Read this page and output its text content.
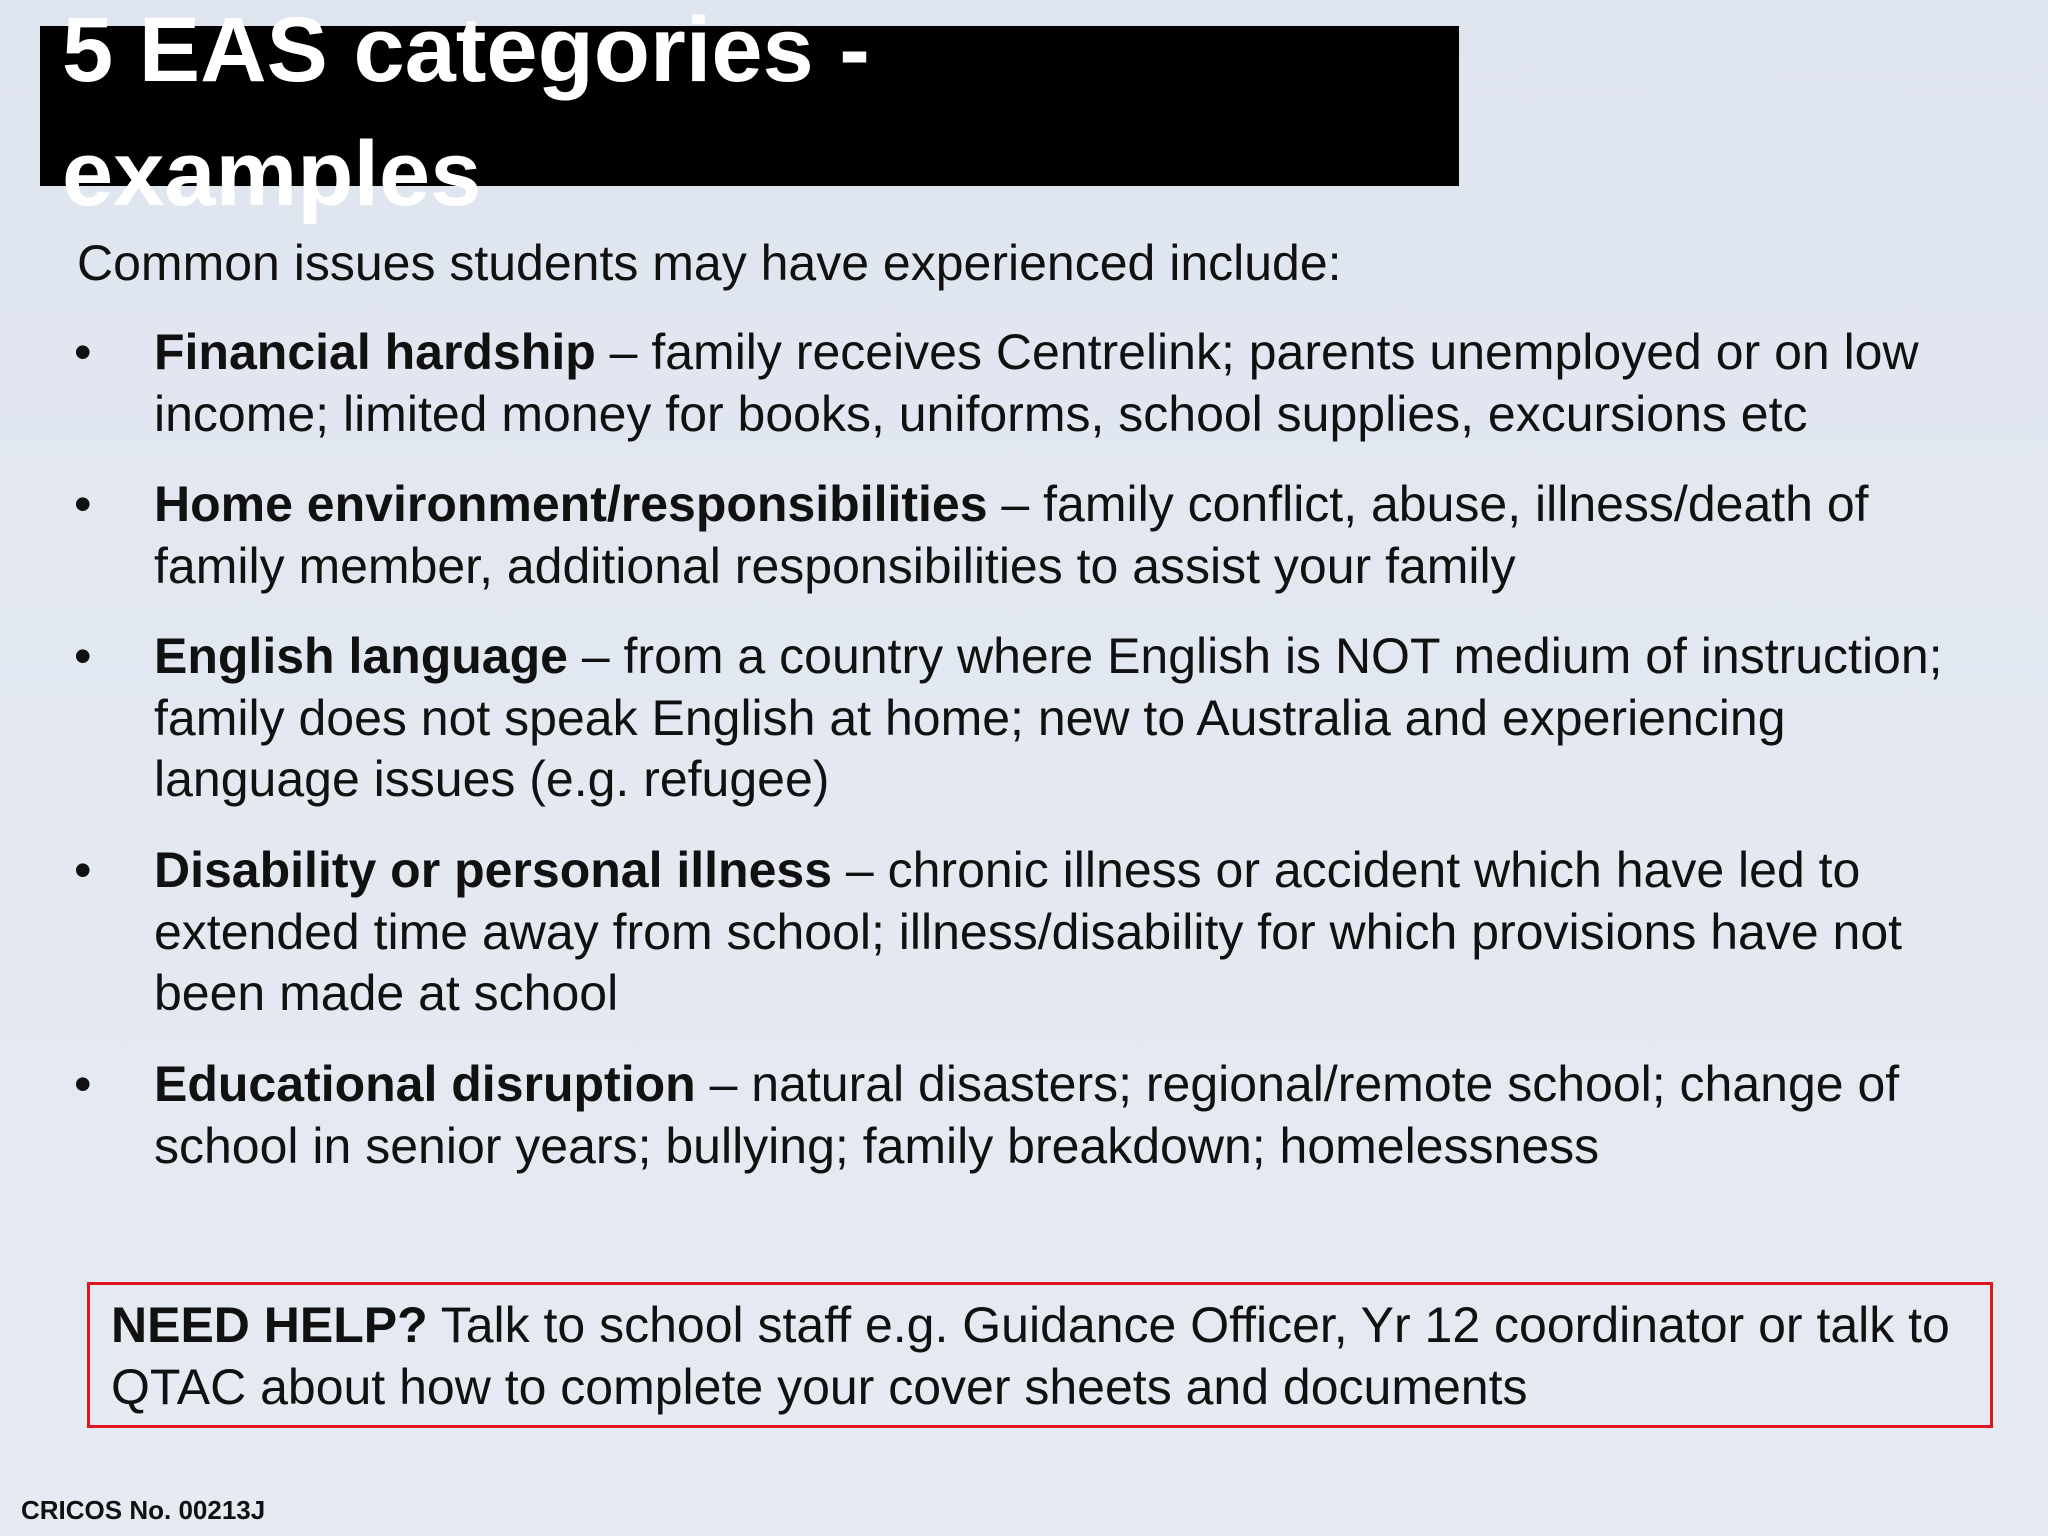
5 EAS categories - examples

Common issues students may have experienced include:

• Financial hardship – family receives Centrelink; parents unemployed or on low income; limited money for books, uniforms, school supplies, excursions etc
• Home environment/responsibilities – family conflict, abuse, illness/death of family member, additional responsibilities to assist your family
• English language – from a country where English is NOT medium of instruction; family does not speak English at home; new to Australia and experiencing language issues (e.g. refugee)
• Disability or personal illness – chronic illness or accident which have led to extended time away from school; illness/disability for which provisions have not been made at school
• Educational disruption – natural disasters; regional/remote school; change of school in senior years; bullying; family breakdown; homelessness
NEED HELP? Talk to school staff e.g. Guidance Officer, Yr 12 coordinator or talk to QTAC about how to complete your cover sheets and documents

CRICOS No. 00213J
